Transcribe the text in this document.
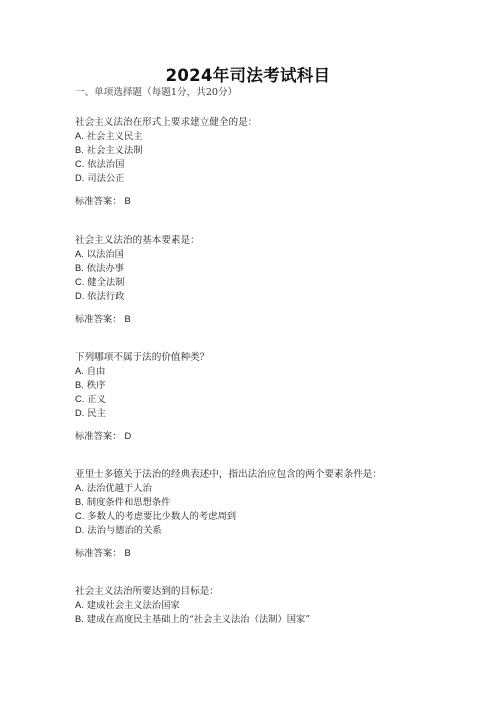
2024年司法考试科目
一、单项选择题（每题1分，共20分）
社会主义法治在形式上要求建立健全的是：
A. 社会主义民主
B. 社会主义法制
C. 依法治国
D. 司法公正
标准答案： B
社会主义法治的基本要素是：
A. 以法治国
B. 依法办事
C. 健全法制
D. 依法行政
标准答案： B
下列哪项不属于法的价值种类？
A. 自由
B. 秩序
C. 正义
D. 民主
标准答案： D
亚里士多德关于法治的经典表述中，指出法治应包含的两个要素条件是：
A. 法治优越于人治
B. 制度条件和思想条件
C. 多数人的考虑要比少数人的考虑周到
D. 法治与德治的关系
标准答案： B
社会主义法治所要达到的目标是：
A. 建成社会主义法治国家
B. 建成在高度民主基础上的“社会主义法治（法制）国家”
